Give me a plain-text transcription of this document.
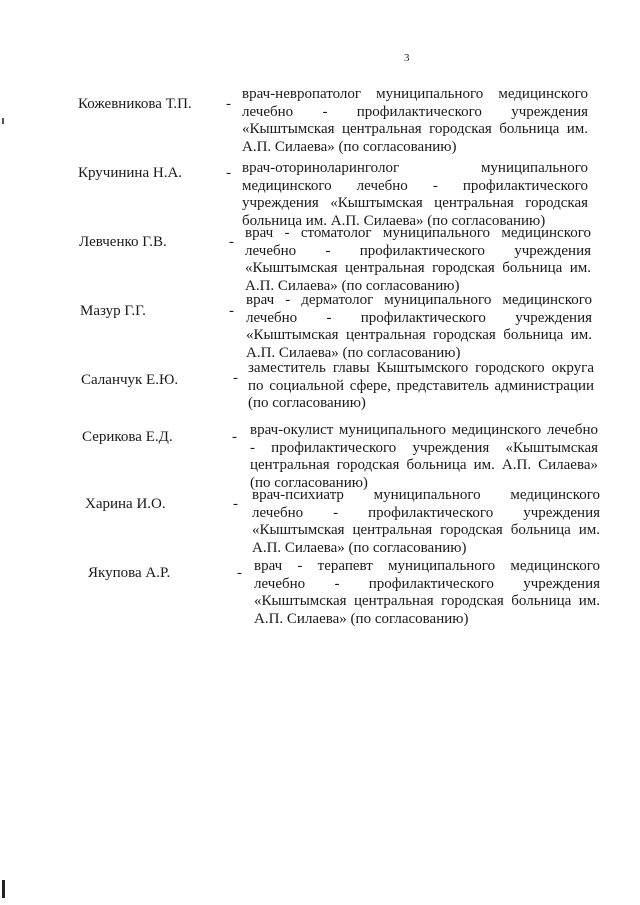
3
Кожевникова Т.П. -
врач-невропатолог муниципального медицинского лечебно - профилактического учреждения «Кыштымская центральная городская больница им. А.П. Силаева» (по согласованию)
Кручинина Н.А.	- врач-оториноларинголог муниципального медицинского лечебно - профилактического учреждения «Кыштымская центральная городская больница им. А.П. Силаева» (по согласованию)
Левченко Г.В.	-
врач - стоматолог муниципального медицинского лечебно - профилактического учреждения «Кыштымская центральная городская больница им. А.П. Силаева» (по согласованию)
Мазур Г.Г.	-
врач - дерматолог муниципального медицинского лечебно - профилактического учреждения «Кыштымская центральная городская больница им. А.П. Силаева» (по согласованию)
Саланчук Е.Ю.	-
заместитель главы Кыштымского городского округа по социальной сфере, представитель администрации (по согласованию)
Серикова Е.Д.	- врач-окулист муниципального медицинского лечебно - профилактического учреждения «Кыштымская центральная городская больница им. А.П. Силаева» (по согласованию)
Харина И.О.	-
врач-психиатр муниципального медицинского лечебно - профилактического учреждения «Кыштымская центральная городская больница им. А.П. Силаева» (по согласованию)
Якупова А.Р.	- врач - терапевт муниципального медицинского лечебно - профилактического учреждения «Кыштымская центральная городская больница им. А.П. Силаева» (по согласованию)
